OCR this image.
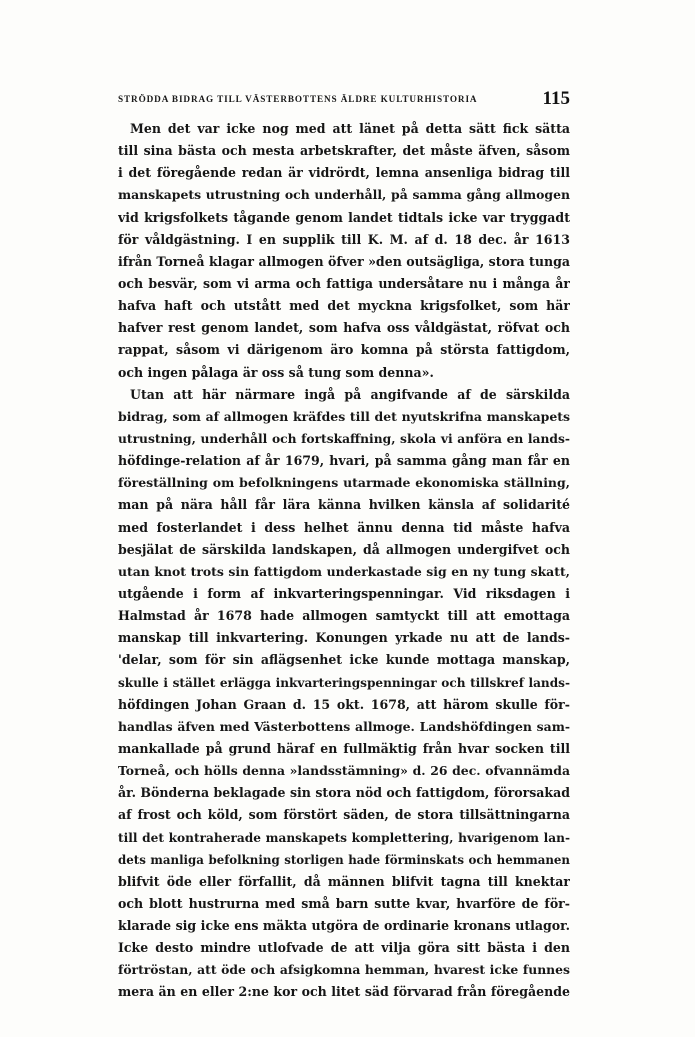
STRÖDDA BIDRAG TILL VÄSTERBOTTENS ÄLDRE KULTURHISTORIA	115
Men det var icke nog med att länet på detta sätt fick sätta
till sina bästa och mesta arbetskrafter, det måste äfven, såsom
i det föregående redan är vidrördt, lemna ansenliga bidrag till
manskapets utrustning och underhåll, på samma gång allmogen
vid krigsfolkets tågande genom landet tidtals icke var tryggadt
för våldgästning. I en supplik till K. M. af d. 18 dec. år 1613
ifrån Torneå klagar allmogen öfver »den outsägliga, stora tunga
och besvär, som vi arma och fattiga undersåtare nu i många år
hafva haft och utstått med det myckna krigsfolket, som här
hafver rest genom landet, som hafva oss våldgästat, röfvat och
rappat, såsom vi därigenom äro komna på största fattigdom,
och ingen pålaga är oss så tung som denna».
Utan att här närmare ingå på angifvande af de särskilda
bidrag, som af allmogen kräfdes till det nyutskrifna manskapets
utrustning, underhåll och fortskaffning, skola vi anföra en lands-
höfdinge-relation af år 1679, hvari, på samma gång man får en
föreställning om befolkningens utarmade ekonomiska ställning,
man på nära håll får lära känna hvilken känsla af solidarité
med fosterlandet i dess helhet ännu denna tid måste hafva
besjälat de särskilda landskapen, då allmogen undergifvet och
utan knot trots sin fattigdom underkastade sig en ny tung skatt,
utgående i form af inkvarteringspenningar. Vid riksdagen i
Halmstad år 1678 hade allmogen samtyckt till att emottaga
manskap till inkvartering. Konungen yrkade nu att de lands-
'delar, som för sin aflägsenhet icke kunde mottaga manskap,
skulle i stället erlägga inkvarteringspenningar och tillskref lands-
höfdingen Johan Graan d. 15 okt. 1678, att härom skulle för-
handlas äfven med Västerbottens allmoge. Landshöfdingen sam-
mankallade på grund häraf en fullmäktig från hvar socken till
Torneå, och hölls denna »landsstämning» d. 26 dec. ofvannämda
år. Bönderna beklagade sin stora nöd och fattigdom, förorsakad
af frost och köld, som förstört säden, de stora tillsättningarna
till det kontraherade manskapets komplettering, hvarigenom lan-
dets manliga befolkning storligen hade förminskats och hemmanen
blifvit öde eller förfallit, då männen blifvit tagna till knektar
och blott hustrurna med små barn sutte kvar, hvarföre de för-
klarade sig icke ens mäkta utgöra de ordinarie kronans utlagor.
Icke desto mindre utlofvade de att vilja göra sitt bästa i den
förtröstan, att öde och afsigkomna hemman, hvarest icke funnes
mera än en eller 2:ne kor och litet säd förvarad från föregående
